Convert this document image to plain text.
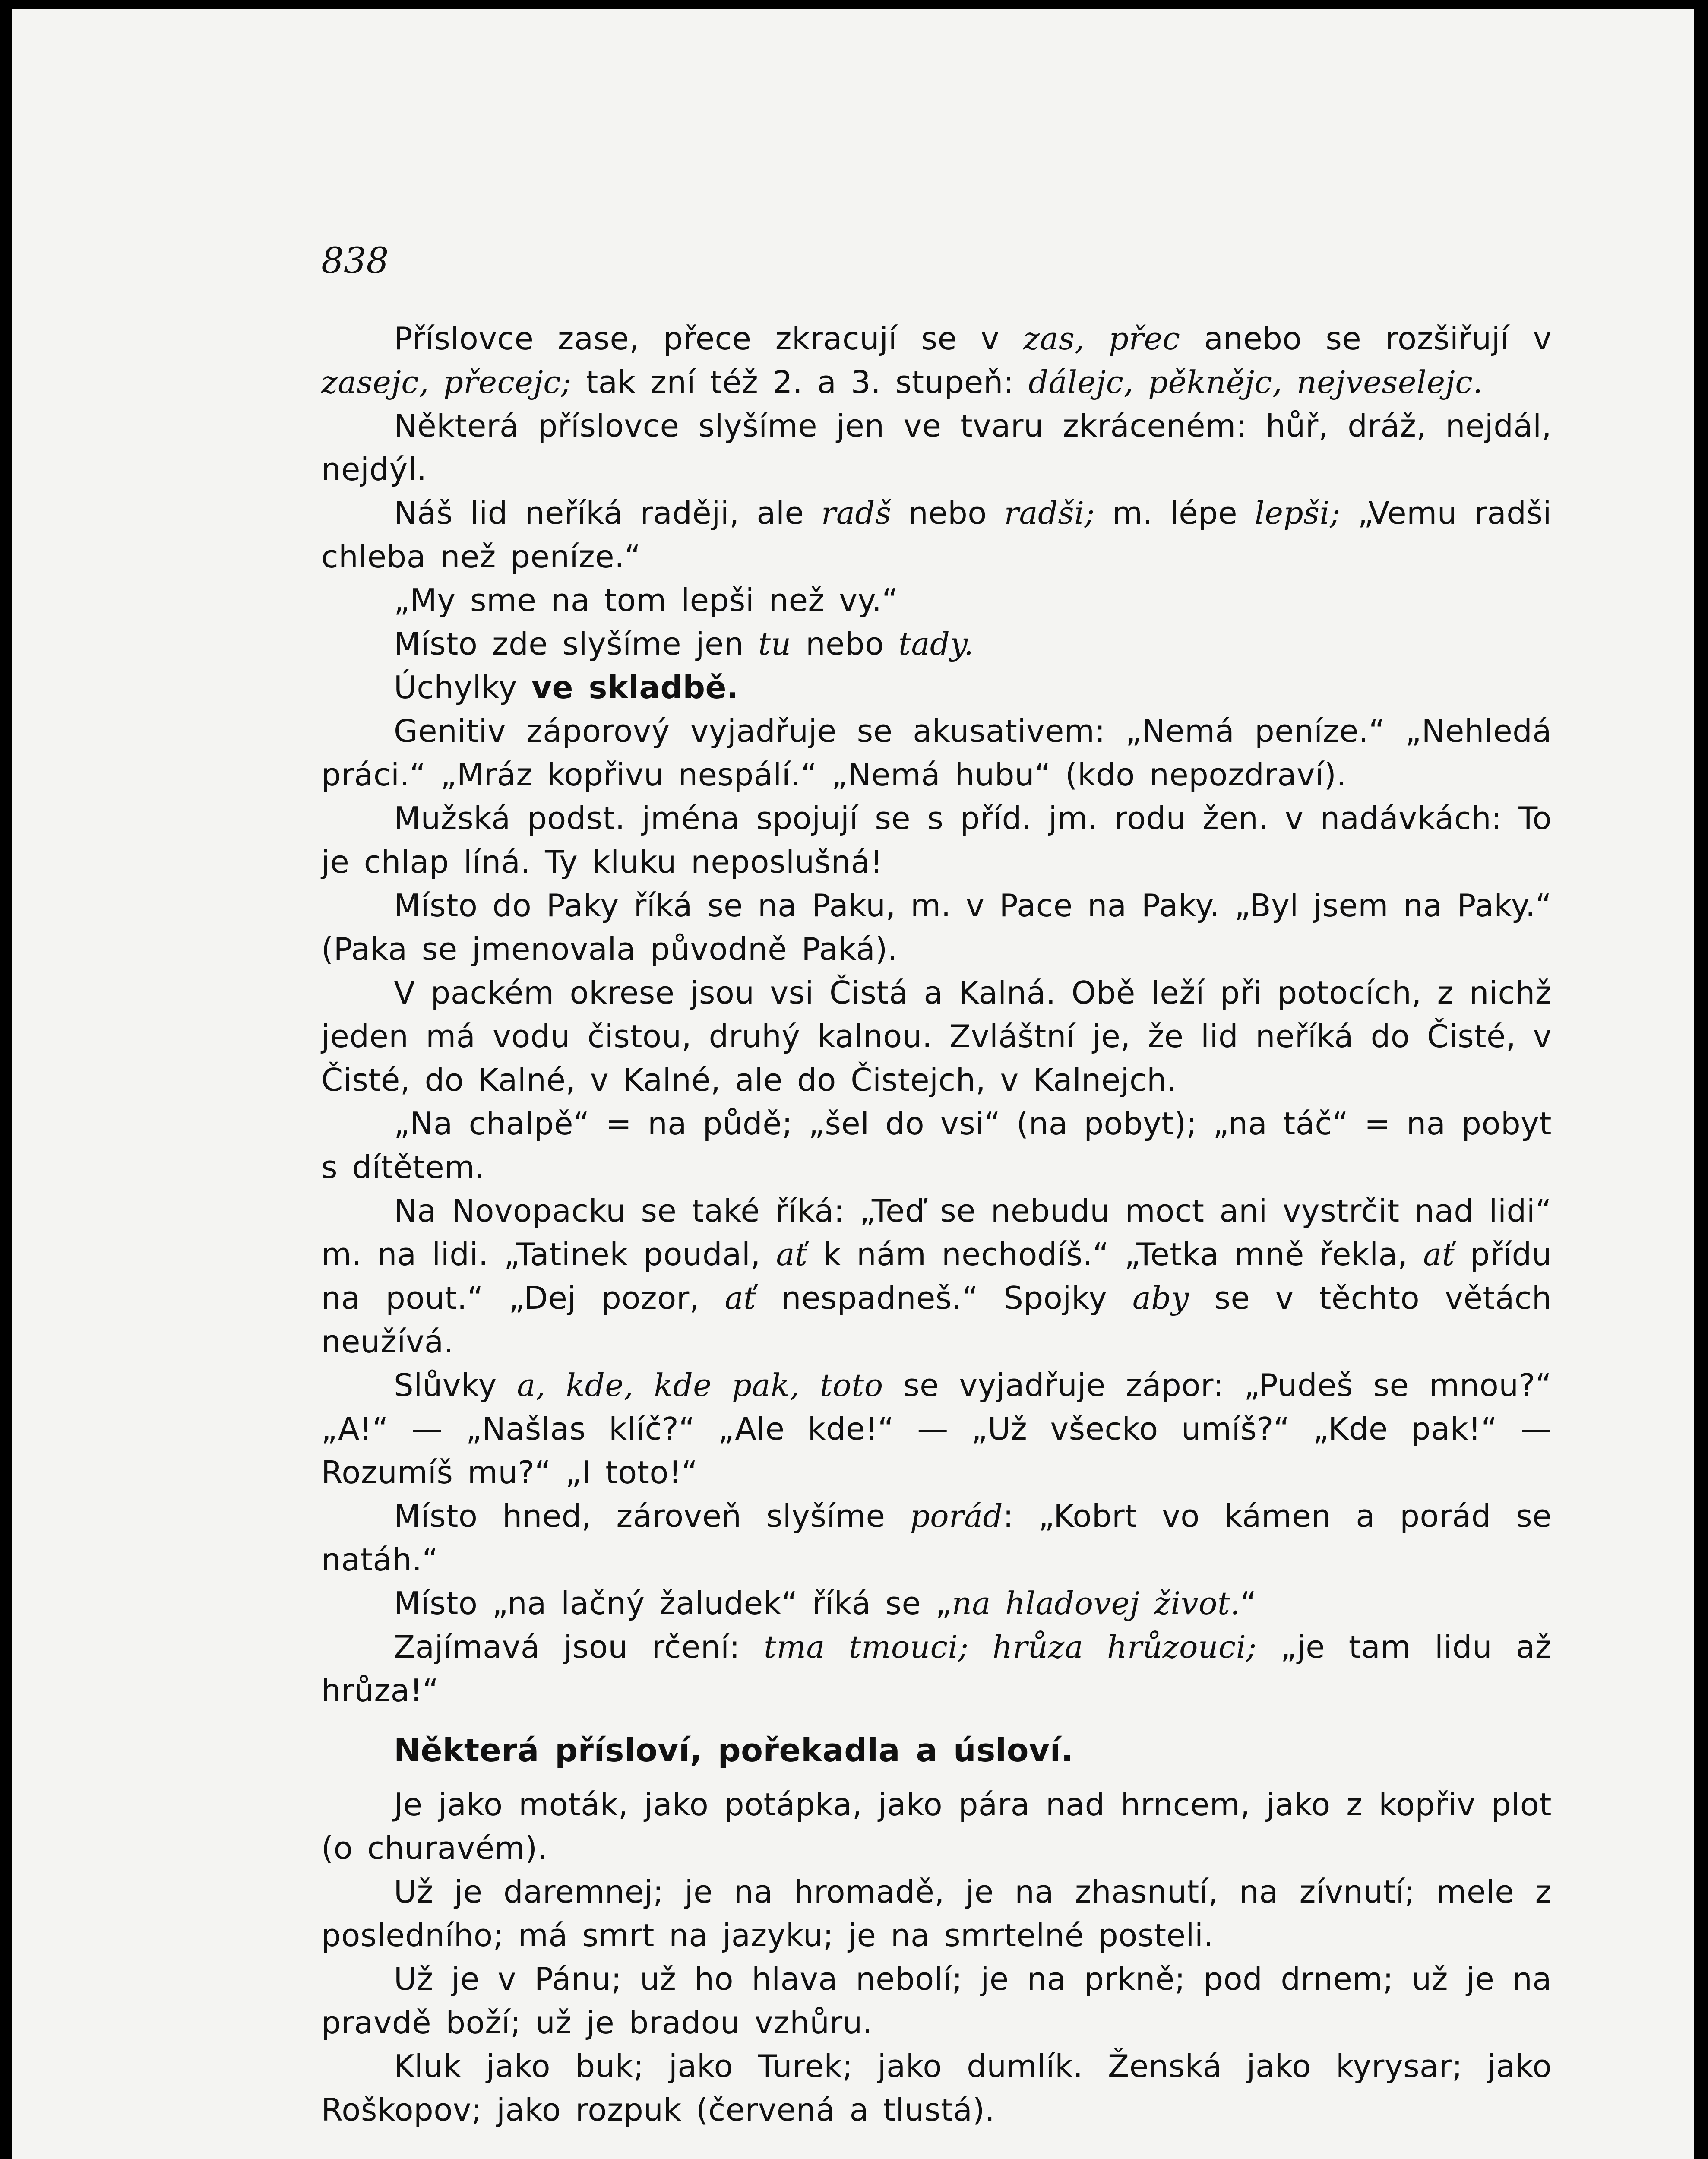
838

Příslovce zase, přece zkracují se v zas, přec anebo se rozšiřují v zasejc, přecejc; tak zní též 2. a 3. stupeň: dálejc, pěknějc, nejveselejc.

Některá příslovce slyšíme jen ve tvaru zkráceném: hůř, dráž, nejdál, nejdýl.

Náš lid neříká raději, ale radš nebo radši; m. lépe lepši; „Vemu radši chleba než peníze.“

„My sme na tom lepši než vy.“

Místo zde slyšíme jen tu nebo tady.

Úchylky ve skladbě.

Genitiv záporový vyjadřuje se akusativem: „Nemá peníze.“ „Nehledá práci.“ „Mráz kopřivu nespálí.“ „Nemá hubu“ (kdo nepozdraví).

Mužská podst. jména spojují se s příd. jm. rodu žen. v nadávkách: To je chlap líná. Ty kluku neposlušná!

Místo do Paky říká se na Paku, m. v Pace na Paky. „Byl jsem na Paky.“ (Paka se jmenovala původně Paká).

V packém okrese jsou vsi Čistá a Kalná. Obě leží při potocích, z nichž jeden má vodu čistou, druhý kalnou. Zvláštní je, že lid neříká do Čisté, v Čisté, do Kalné, v Kalné, ale do Čistejch, v Kalnejch.

„Na chalpě“ = na půdě; „šel do vsi“ (na pobyt); „na táč“ = na pobyt s dítětem.

Na Novopacku se také říká: „Teď se nebudu moct ani vystrčit nad lidi“ m. na lidi. „Tatinek poudal, ať k nám nechodíš.“ „Tetka mně řekla, ať přídu na pout.“ „Dej pozor, ať nespadneš.“ Spojky aby se v těchto větách neužívá.

Slůvky a, kde, kde pak, toto se vyjadřuje zápor: „Pudeš se mnou?“ „A!“ — „Našlas klíč?“ „Ale kde!“ — „Už všecko umíš?“ „Kde pak!“ — Rozumíš mu?“ „I toto!“

Místo hned, zároveň slyšíme porád: „Kobrt vo kámen a porád se natáh.“

Místo „na lačný žaludek“ říká se „na hladovej život.“

Zajímavá jsou rčení: tma tmouci; hrůza hrůzouci; „je tam lidu až hrůza!“

Některá přísloví, pořekadla a úsloví.

Je jako moták, jako potápka, jako pára nad hrncem, jako z kopřiv plot (o churavém).

Už je daremnej; je na hromadě, je na zhasnutí, na zívnutí; mele z posledního; má smrt na jazyku; je na smrtelné posteli.

Už je v Pánu; už ho hlava nebolí; je na prkně; pod drnem; už je na pravdě boží; už je bradou vzhůru.

Kluk jako buk; jako Turek; jako dumlík. Ženská jako kyrysar; jako Roškopov; jako rozpuk (červená a tlustá).
